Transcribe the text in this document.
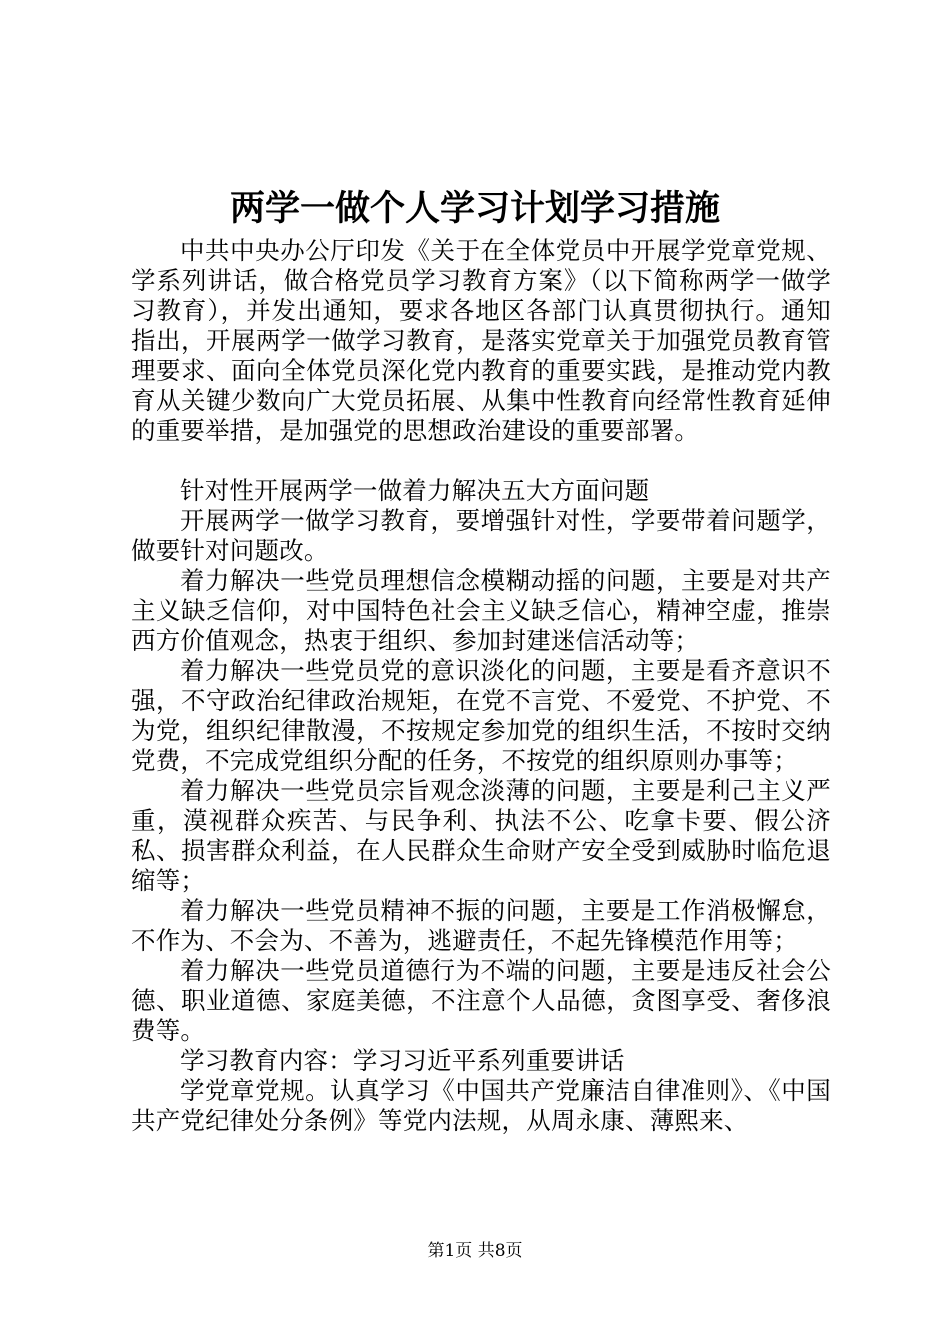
两学一做个人学习计划学习措施

中共中央办公厅印发《关于在全体党员中开展学党章党规、学系列讲话，做合格党员学习教育方案》（以下简称两学一做学习教育），并发出通知，要求各地区各部门认真贯彻执行。通知指出，开展两学一做学习教育，是落实党章关于加强党员教育管理要求、面向全体党员深化党内教育的重要实践，是推动党内教育从关键少数向广大党员拓展、从集中性教育向经常性教育延伸的重要举措，是加强党的思想政治建设的重要部署。

针对性开展两学一做着力解决五大方面问题

开展两学一做学习教育，要增强针对性，学要带着问题学，做要针对问题改。

着力解决一些党员理想信念模糊动摇的问题，主要是对共产主义缺乏信仰，对中国特色社会主义缺乏信心，精神空虚，推崇西方价值观念，热衷于组织、参加封建迷信活动等；

着力解决一些党员党的意识淡化的问题，主要是看齐意识不强，不守政治纪律政治规矩，在党不言党、不爱党、不护党、不为党，组织纪律散漫，不按规定参加党的组织生活，不按时交纳党费，不完成党组织分配的任务，不按党的组织原则办事等；

着力解决一些党员宗旨观念淡薄的问题，主要是利己主义严重，漠视群众疾苦、与民争利、执法不公、吃拿卡要、假公济私、损害群众利益，在人民群众生命财产安全受到威胁时临危退缩等；

着力解决一些党员精神不振的问题，主要是工作消极懈怠，不作为、不会为、不善为，逃避责任，不起先锋模范作用等；

着力解决一些党员道德行为不端的问题，主要是违反社会公德、职业道德、家庭美德，不注意个人品德，贪图享受、奢侈浪费等。

学习教育内容：学习习近平系列重要讲话

学党章党规。认真学习《中国共产党廉洁自律准则》、《中国共产党纪律处分条例》等党内法规，从周永康、薄熙来、

第1页 共8页
